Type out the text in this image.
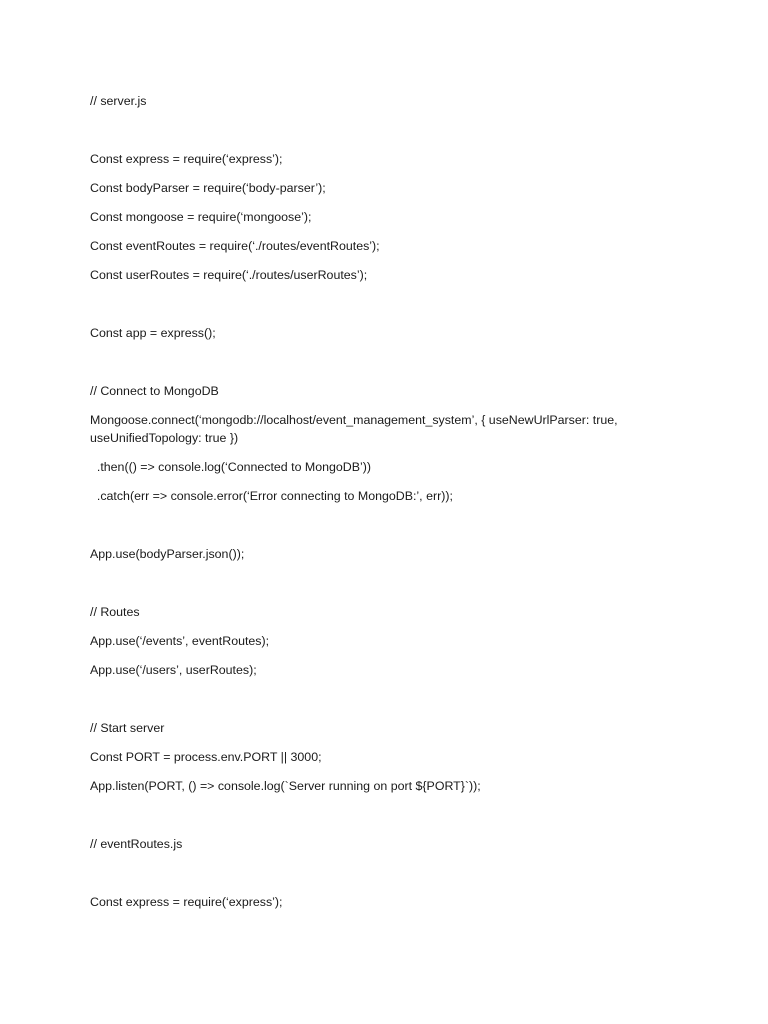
// server.js

Const express = require(‘express’);

Const bodyParser = require(‘body-parser’);

Const mongoose = require(‘mongoose’);

Const eventRoutes = require(‘./routes/eventRoutes’);

Const userRoutes = require(‘./routes/userRoutes’);

Const app = express();

// Connect to MongoDB

Mongoose.connect(‘mongodb://localhost/event_management_system’, { useNewUrlParser: true, useUnifiedTopology: true })

.then(() => console.log(‘Connected to MongoDB’))

.catch(err => console.error(‘Error connecting to MongoDB:’, err));

App.use(bodyParser.json());

// Routes

App.use(‘/events’, eventRoutes);

App.use(‘/users’, userRoutes);

// Start server

Const PORT = process.env.PORT || 3000;

App.listen(PORT, () => console.log(`Server running on port ${PORT}`));

// eventRoutes.js

Const express = require(‘express’);
